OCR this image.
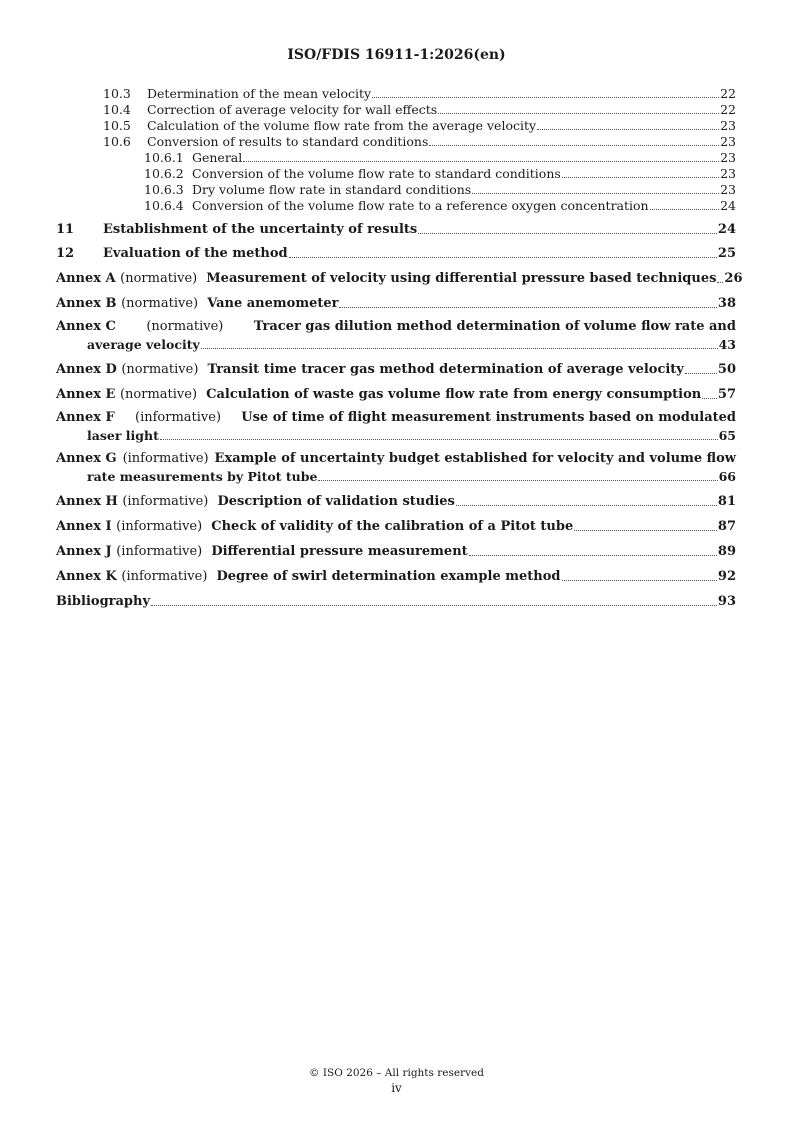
ISO/FDIS 16911-1:2026(en)
10.3	Determination of the mean velocity	22
10.4	Correction of average velocity for wall effects	22
10.5	Calculation of the volume flow rate from the average velocity	23
10.6	Conversion of results to standard conditions	23
10.6.1 General	23
10.6.2 Conversion of the volume flow rate to standard conditions	23
10.6.3 Dry volume flow rate in standard conditions	23
10.6.4 Conversion of the volume flow rate to a reference oxygen concentration	24
11	Establishment of the uncertainty of results	24
12	Evaluation of the method	25
Annex A (normative) Measurement of velocity using differential pressure based techniques 26
Annex B (normative) Vane anemometer	38
Annex C (normative) Tracer gas dilution method determination of volume flow rate and
average velocity	43
Annex D (normative) Transit time tracer gas method determination of average velocity	50
Annex E (normative) Calculation of waste gas volume flow rate from energy consumption 57
Annex F (informative) Use of time of flight measurement instruments based on modulated
laser light	65
Annex G (informative) Example of uncertainty budget established for velocity and volume flow
rate measurements by Pitot tube	66
Annex H (informative) Description of validation studies	81
Annex I (informative) Check of validity of the calibration of a Pitot tube	87
Annex J (informative) Differential pressure measurement	89
Annex K (informative) Degree of swirl determination example method	92
Bibliography	93
© ISO 2026 – All rights reserved
iv
